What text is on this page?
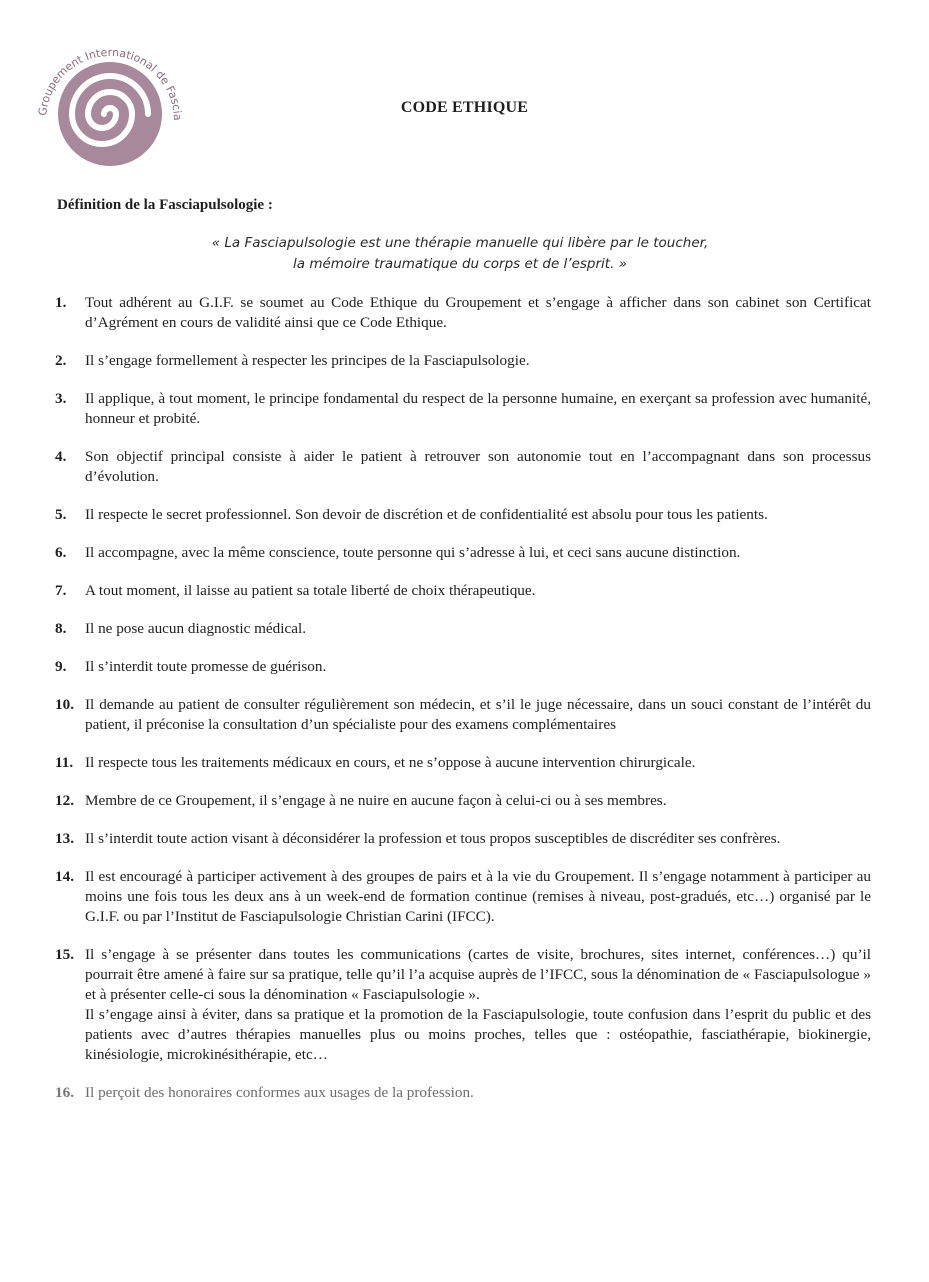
Groupement International de Fascia
CODE ETHIQUE
Définition de la Fasciapulsologie :
« La Fasciapulsologie est une thérapie manuelle qui libère par le toucher,
la mémoire traumatique du corps et de l’esprit. »
1. Tout adhérent au G.I.F. se soumet au Code Ethique du Groupement et s’engage à afficher dans son cabinet son Certificat d’Agrément en cours de validité ainsi que ce Code Ethique.
2. Il s’engage formellement à respecter les principes de la Fasciapulsologie.
3. Il applique, à tout moment, le principe fondamental du respect de la personne humaine, en exerçant sa profession avec humanité, honneur et probité.
4. Son objectif principal consiste à aider le patient à retrouver son autonomie tout en l’accompagnant dans son processus d’évolution.
5. Il respecte le secret professionnel. Son devoir de discrétion et de confidentialité est absolu pour tous les patients.
6. Il accompagne, avec la même conscience, toute personne qui s’adresse à lui, et ceci sans aucune distinction.
7. A tout moment, il laisse au patient sa totale liberté de choix thérapeutique.
8. Il ne pose aucun diagnostic médical.
9. Il s’interdit toute promesse de guérison.
10. Il demande au patient de consulter régulièrement son médecin, et s’il le juge nécessaire, dans un souci constant de l’intérêt du patient, il préconise la consultation d’un spécialiste pour des examens complémentaires
11. Il respecte tous les traitements médicaux en cours, et ne s’oppose à aucune intervention chirurgicale.
12. Membre de ce Groupement, il s’engage à ne nuire en aucune façon à celui-ci ou à ses membres.
13. Il s’interdit toute action visant à déconsidérer la profession et tous propos susceptibles de discréditer ses confrères.
14. Il est encouragé à participer activement à des groupes de pairs et à la vie du Groupement. Il s’engage notamment à participer au moins une fois tous les deux ans à un week-end de formation continue (remises à niveau, post-gradués, etc…) organisé par le G.I.F. ou par l’Institut de Fasciapulsologie Christian Carini (IFCC).
15. Il s’engage à se présenter dans toutes les communications (cartes de visite, brochures, sites internet, conférences…) qu’il pourrait être amené à faire sur sa pratique, telle qu’il l’a acquise auprès de l’IFCC, sous la dénomination de « Fasciapulsologue » et à présenter celle-ci sous la dénomination « Fasciapulsologie ».
Il s’engage ainsi à éviter, dans sa pratique et la promotion de la Fasciapulsologie, toute confusion dans l’esprit du public et des patients avec d’autres thérapies manuelles plus ou moins proches, telles que : ostéopathie, fasciathérapie, biokinergie, kinésiologie, microkinésithérapie, etc…
16. Il perçoit des honoraires conformes aux usages de la profession.
